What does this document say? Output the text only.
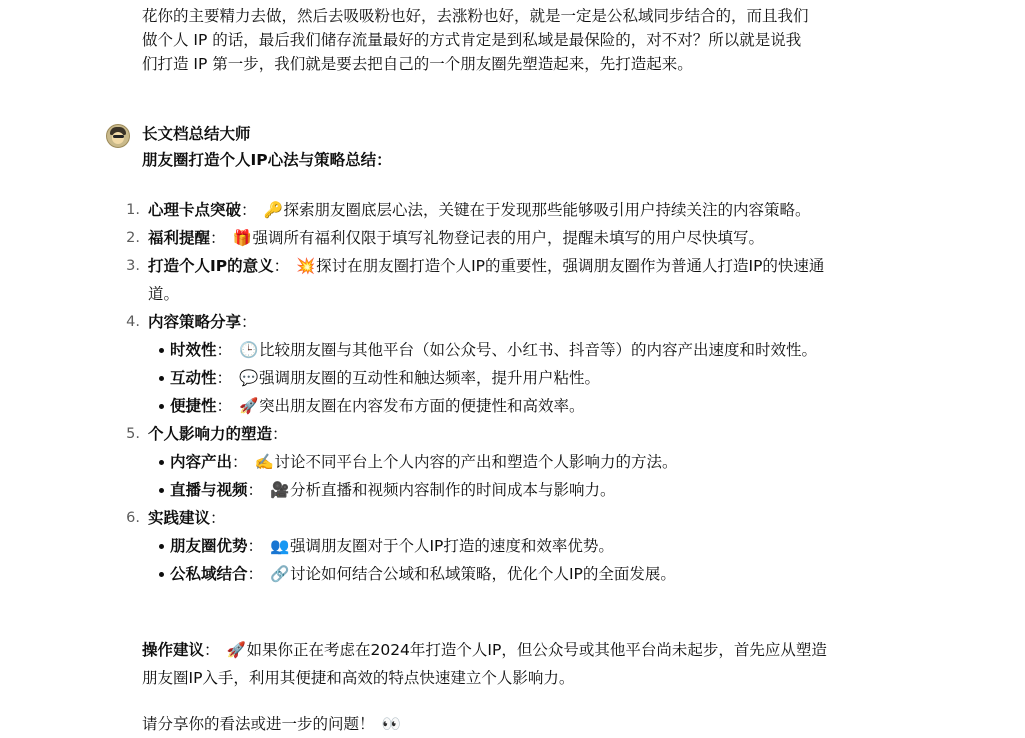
花你的主要精力去做，然后去吸吸粉也好，去涨粉也好，就是一定是公私域同步结合的，而且我们

做个人 IP 的话，最后我们储存流量最好的方式肯定是到私域是最保险的，对不对？所以就是说我

们打造 IP 第一步，我们就是要去把自己的一个朋友圈先塑造起来，先打造起来。

长文档总结大师
朋友圈打造个人IP心法与策略总结：
1. 心理卡点突破： 🔑探索朋友圈底层心法，关键在于发现那些能够吸引用户持续关注的内容策略。
2. 福利提醒： 🎁强调所有福利仅限于填写礼物登记表的用户，提醒未填写的用户尽快填写。
3. 打造个人IP的意义： 💥探讨在朋友圈打造个人IP的重要性，强调朋友圈作为普通人打造IP的快速通道。
4. 内容策略分享：
时效性： 🕒比较朋友圈与其他平台（如公众号、小红书、抖音等）的内容产出速度和时效性。
互动性： 💬强调朋友圈的互动性和触达频率，提升用户粘性。
便捷性： 🚀突出朋友圈在内容发布方面的便捷性和高效率。
5. 个人影响力的塑造：
内容产出： ✍️讨论不同平台上个人内容的产出和塑造个人影响力的方法。
直播与视频： 🎥分析直播和视频内容制作的时间成本与影响力。
6. 实践建议：
朋友圈优势： 👥强调朋友圈对于个人IP打造的速度和效率优势。
公私域结合： 🔗讨论如何结合公域和私域策略，优化个人IP的全面发展。
操作建议： 🚀如果你正在考虑在2024年打造个人IP，但公众号或其他平台尚未起步，首先应从塑造朋友圈IP入手，利用其便捷和高效的特点快速建立个人影响力。
请分享你的看法或进一步的问题！ 👀
